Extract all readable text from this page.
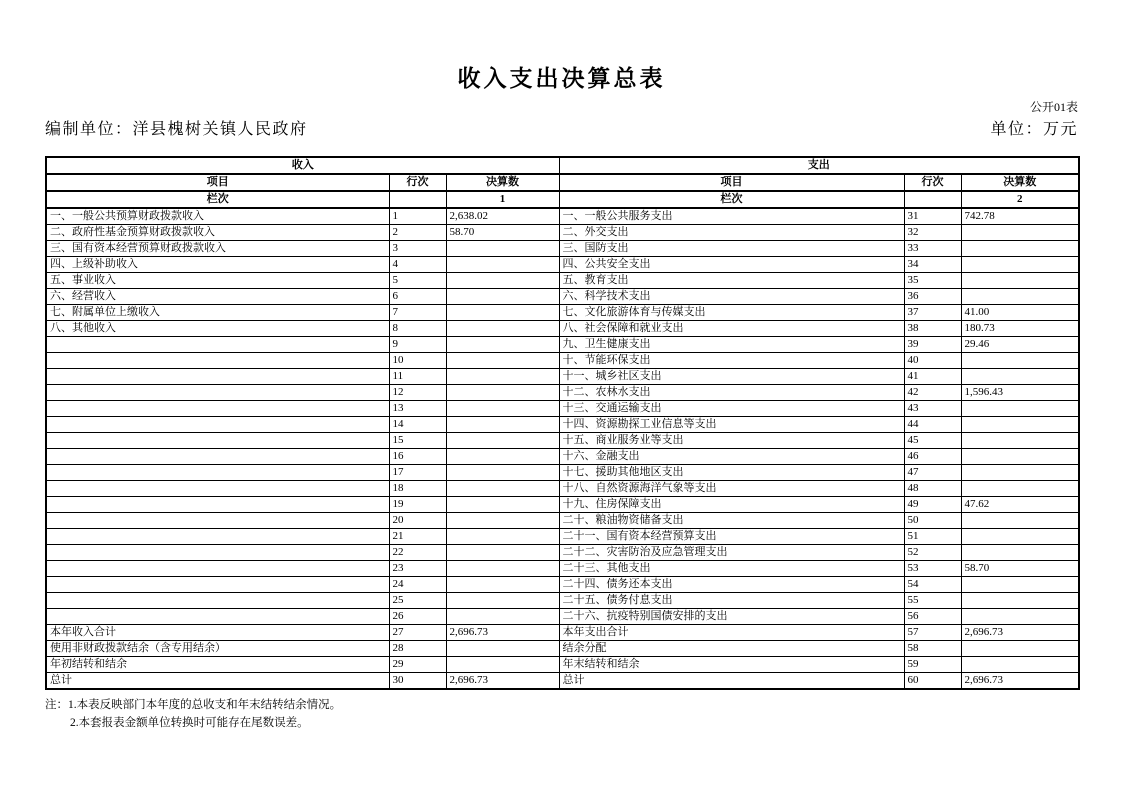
收入支出决算总表
公开01表
编制单位：洋县槐树关镇人民政府	单位：万元
收入			支出		
项目	行次	决算数	项目	行次	决算数
栏次		1	栏次		2
一、一般公共预算财政拨款收入	1	2,638.02	一、一般公共服务支出	31	742.78
二、政府性基金预算财政拨款收入	2	58.70	二、外交支出	32	
三、国有资本经营预算财政拨款收入	3		三、国防支出	33	
四、上级补助收入	4		四、公共安全支出	34	
五、事业收入	5		五、教育支出	35	
六、经营收入	6		六、科学技术支出	36	
七、附属单位上缴收入	7		七、文化旅游体育与传媒支出	37	41.00
八、其他收入	8		八、社会保障和就业支出	38	180.73
	9		九、卫生健康支出	39	29.46
	10		十、节能环保支出	40	
	11		十一、城乡社区支出	41	
	12		十二、农林水支出	42	1,596.43
	13		十三、交通运输支出	43	
	14		十四、资源勘探工业信息等支出	44	
	15		十五、商业服务业等支出	45	
	16		十六、金融支出	46	
	17		十七、援助其他地区支出	47	
	18		十八、自然资源海洋气象等支出	48	
	19		十九、住房保障支出	49	47.62
	20		二十、粮油物资储备支出	50	
	21		二十一、国有资本经营预算支出	51	
	22		二十二、灾害防治及应急管理支出	52	
	23		二十三、其他支出	53	58.70
	24		二十四、债务还本支出	54	
	25		二十五、债务付息支出	55	
	26		二十六、抗疫特别国债安排的支出	56	
本年收入合计	27	2,696.73	本年支出合计	57	2,696.73
使用非财政拨款结余（含专用结余）	28		结余分配	58	
年初结转和结余	29		年末结转和结余	59	
总计	30	2,696.73	总计	60	2,696.73
注：1.本表反映部门本年度的总收支和年末结转结余情况。
2.本套报表金额单位转换时可能存在尾数误差。
